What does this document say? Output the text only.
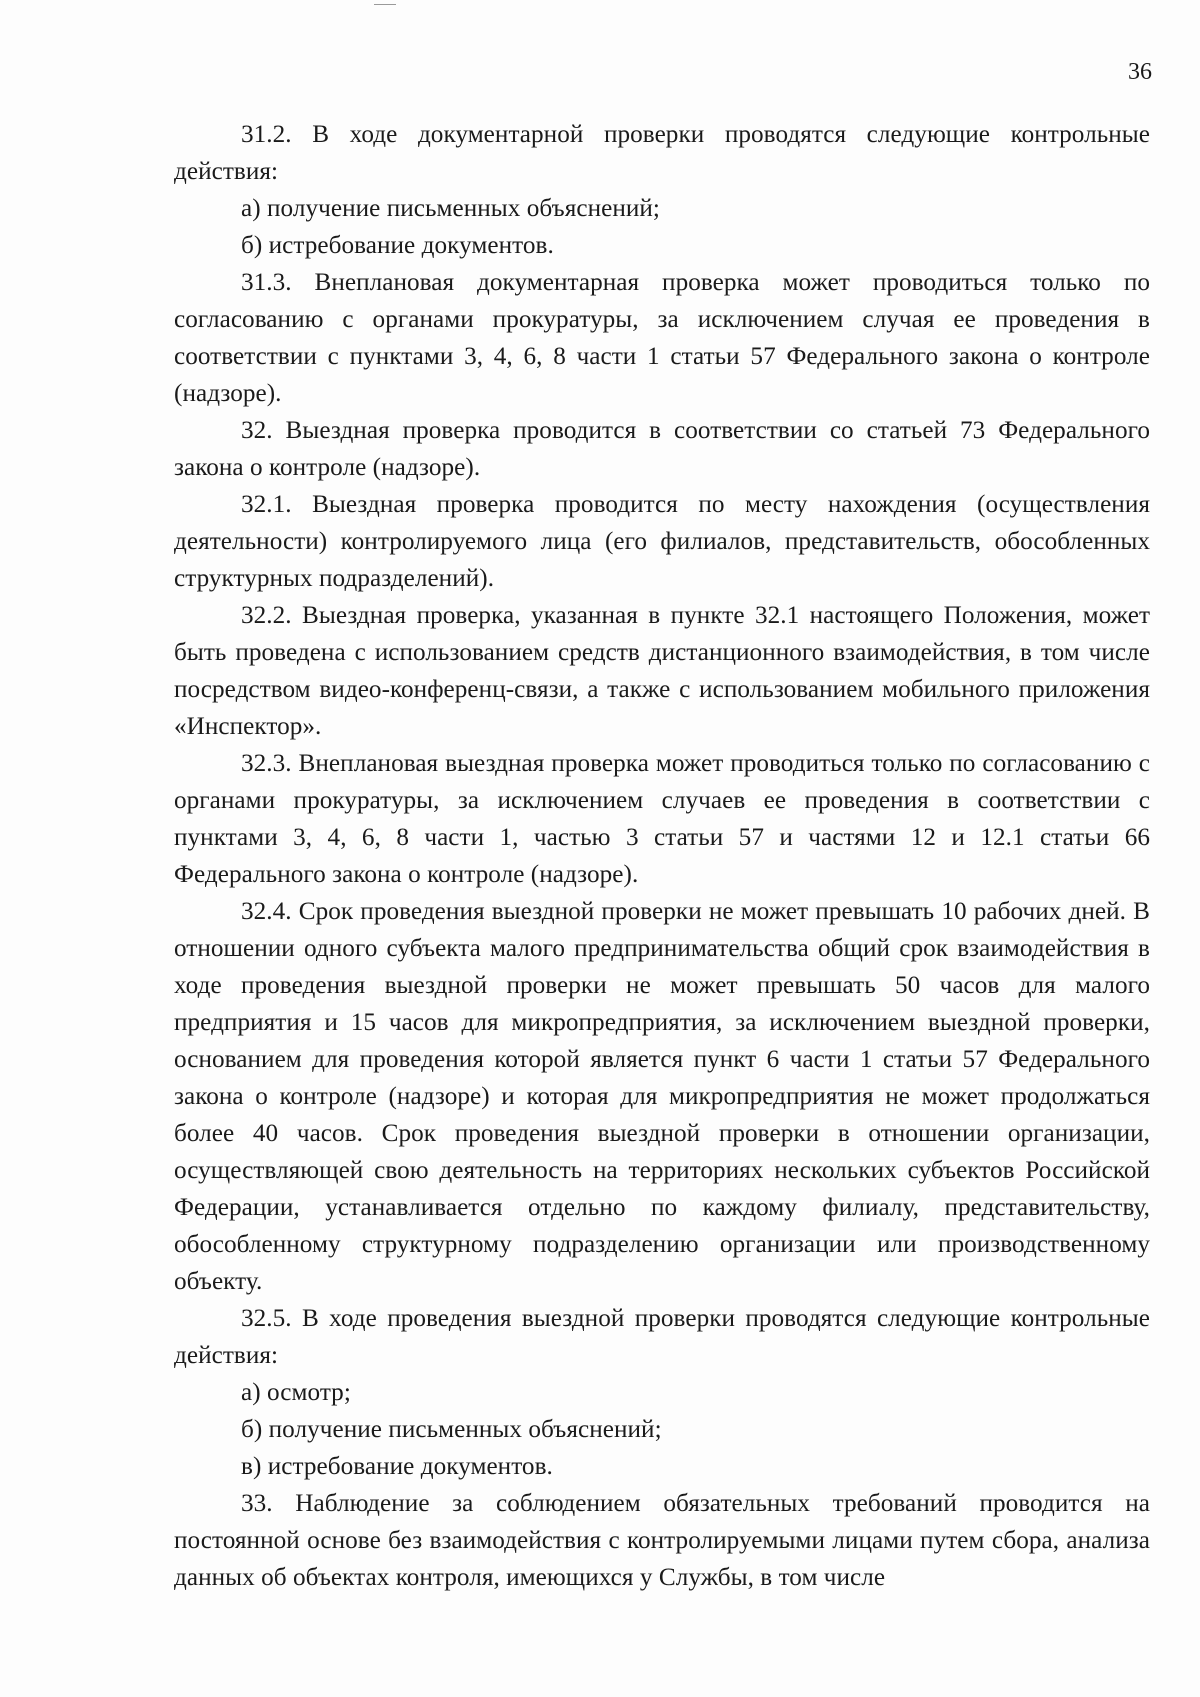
36

31.2. В ходе документарной проверки проводятся следующие контрольные действия:

а) получение письменных объяснений;

б) истребование документов.

31.3. Внеплановая документарная проверка может проводиться только по согласованию с органами прокуратуры, за исключением случая ее проведения в соответствии с пунктами 3, 4, 6, 8 части 1 статьи 57 Федерального закона о контроле (надзоре).

32. Выездная проверка проводится в соответствии со статьей 73 Федерального закона о контроле (надзоре).

32.1. Выездная проверка проводится по месту нахождения (осуществления деятельности) контролируемого лица (его филиалов, представительств, обособленных структурных подразделений).

32.2. Выездная проверка, указанная в пункте 32.1 настоящего Положения, может быть проведена с использованием средств дистанционного взаимодействия, в том числе посредством видео-конференц-связи, а также с использованием мобильного приложения «Инспектор».

32.3. Внеплановая выездная проверка может проводиться только по согласованию с органами прокуратуры, за исключением случаев ее проведения в соответствии с пунктами 3, 4, 6, 8 части 1, частью 3 статьи 57 и частями 12 и 12.1 статьи 66 Федерального закона о контроле (надзоре).

32.4. Срок проведения выездной проверки не может превышать 10 рабочих дней. В отношении одного субъекта малого предпринимательства общий срок взаимодействия в ходе проведения выездной проверки не может превышать 50 часов для малого предприятия и 15 часов для микропредприятия, за исключением выездной проверки, основанием для проведения которой является пункт 6 части 1 статьи 57 Федерального закона о контроле (надзоре) и которая для микропредприятия не может продолжаться более 40 часов. Срок проведения выездной проверки в отношении организации, осуществляющей свою деятельность на территориях нескольких субъектов Российской Федерации, устанавливается отдельно по каждому филиалу, представительству, обособленному структурному подразделению организации или производственному объекту.

32.5. В ходе проведения выездной проверки проводятся следующие контрольные действия:

а) осмотр;

б) получение письменных объяснений;

в) истребование документов.

33. Наблюдение за соблюдением обязательных требований проводится на постоянной основе без взаимодействия с контролируемыми лицами путем сбора, анализа данных об объектах контроля, имеющихся у Службы, в том числе
